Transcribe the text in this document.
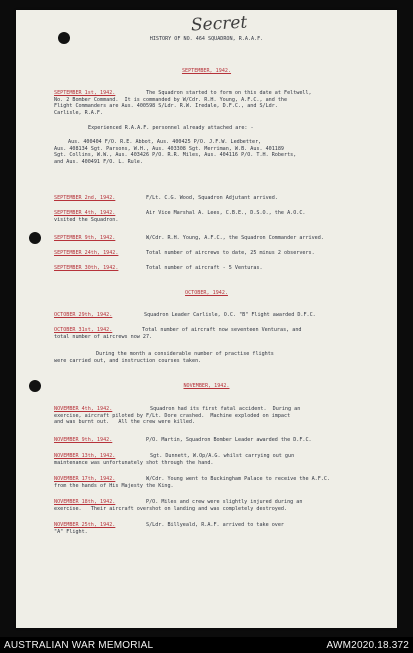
Secret
HISTORY OF NO. 464 SQUADRON, R.A.A.F.
SEPTEMBER, 1942.
SEPTEMBER 1st, 1942.	The Squadron started to form on this date at Feltwell,
No. 2 Bomber Command.  It is commanded by W/Cdr. R.H. Young, A.F.C., and the
Flight Commanders are Aus. 400598 S/Ldr. R.W. Iredale, D.F.C., and S/Ldr.
Carlisle, R.A.F.
Experienced R.A.A.F. personnel already attached are: -
Aus. 400404 F/O. R.E. Abbot, Aus. 400425 P/O. J.F.W. Ledbetter,
Aus. 408134 Sgt. Parsons, W.H., Aus. 403308 Sgt. Merriman, W.B. Aus. 401189
Sgt. Collins, W.W., Aus. 403426 P/O. R.R. Miles, Aus. 404116 P/O. T.H. Roberts,
and Aus. 400491 F/O. L. Rule.
SEPTEMBER 2nd, 1942.	F/Lt. C.G. Wood, Squadron Adjutant arrived.
SEPTEMBER 4th, 1942.	Air Vice Marshal A. Lees, C.B.E., D.S.O., the A.O.C.
visited the Squadron.
SEPTEMBER 9th, 1942.	W/Cdr. R.H. Young, A.F.C., the Squadron Commander arrived.
SEPTEMBER 24th, 1942.	Total number of aircrews to date, 25 minus 2 observers.
SEPTEMBER 30th, 1942.	Total number of aircraft - 5 Venturas.
OCTOBER, 1942.
OCTOBER 29th, 1942.	Squadron Leader Carlisle, O.C. "B" Flight awarded D.F.C.
OCTOBER 31st, 1942.	Total number of aircraft now seventeen Venturas, and
total number of aircrews now 27.
During the month a considerable number of practise flights
were carried out, and instruction courses taken.
NOVEMBER, 1942.
NOVEMBER 4th, 1942.	Squadron had its first fatal accident.  During an
exercise, aircraft piloted by F/Lt. Dore crashed.  Machine exploded on impact
and was burnt out.   All the crew were killed.
NOVEMBER 9th, 1942.	P/O. Martin, Squadron Bomber Leader awarded the D.F.C.
NOVEMBER 13th, 1942.	Sgt. Dunnett, W.Op/A.G. whilst carrying out gun
maintenance was unfortunately shot through the hand.
NOVEMBER 17th, 1942.	W/Cdr. Young went to Buckingham Palace to receive the A.F.C.
from the hands of His Majesty the King.
NOVEMBER 18th, 1942.	P/O. Miles and crew were slightly injured during an
exercise.   Their aircraft overshot on landing and was completely destroyed.
NOVEMBER 25th, 1942.	S/Ldr. Billyeald, R.A.F. arrived to take over
"A" Flight.
AUSTRALIAN WAR MEMORIAL	AWM2020.18.372
